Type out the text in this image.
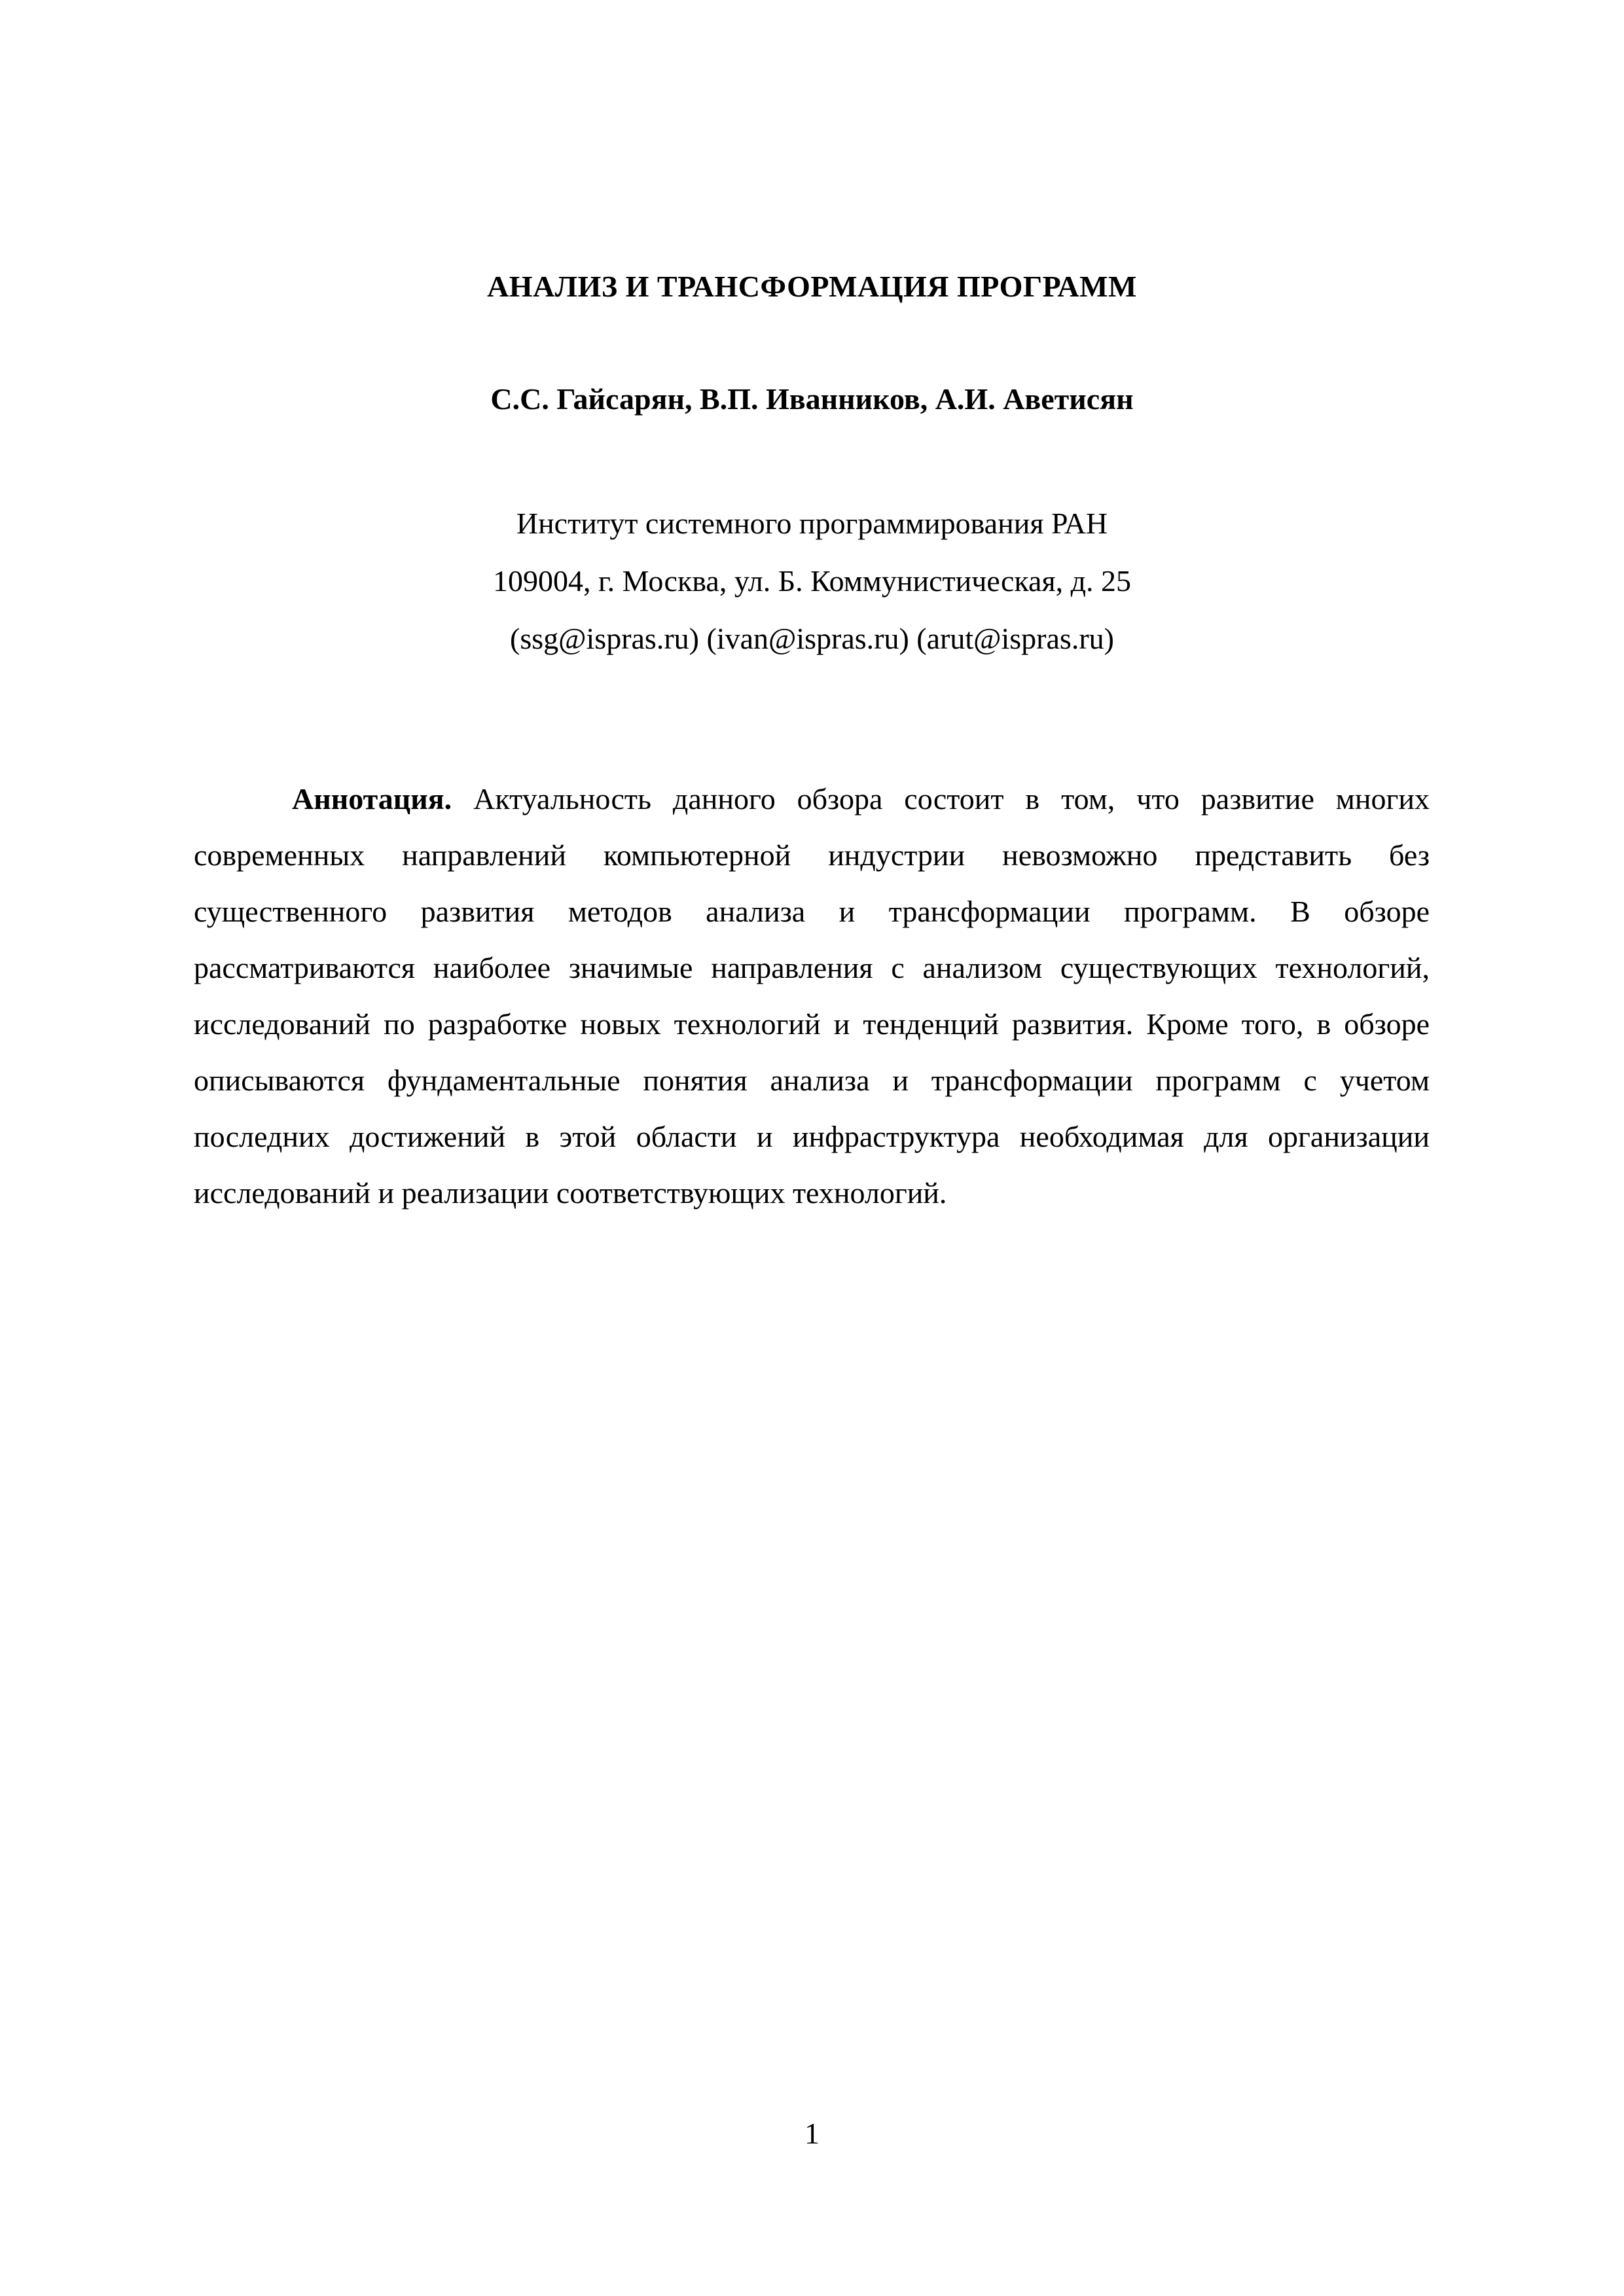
АНАЛИЗ И ТРАНСФОРМАЦИЯ ПРОГРАММ
С.С. Гайсарян, В.П. Иванников, А.И. Аветисян
Институт системного программирования РАН
109004, г. Москва, ул. Б. Коммунистическая, д. 25
(ssg@ispras.ru) (ivan@ispras.ru) (arut@ispras.ru)
Аннотация. Актуальность данного обзора состоит в том, что развитие многих современных направлений компьютерной индустрии невозможно представить без существенного развития методов анализа и трансформации программ. В обзоре рассматриваются наиболее значимые направления с анализом существующих технологий, исследований по разработке новых технологий и тенденций развития. Кроме того, в обзоре описываются фундаментальные понятия анализа и трансформации программ с учетом последних достижений в этой области и инфраструктура необходимая для организации исследований и реализации соответствующих технологий.
1
